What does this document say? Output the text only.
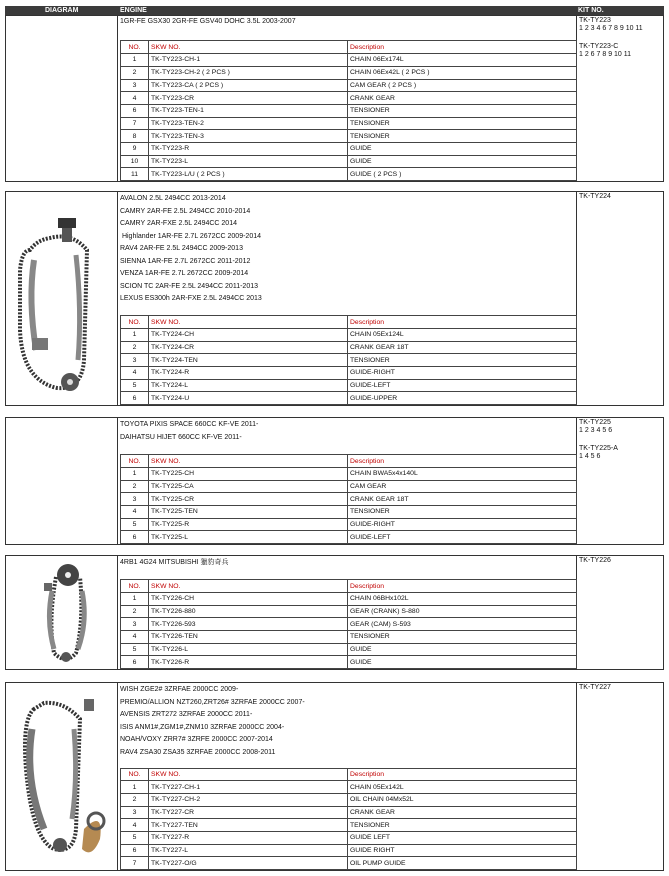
DIAGRAM	ENGINE	KIT NO.
1GR-FE GSX30 2GR-FE GSV40 DOHC 3.5L 2003-2007
NO.	SKW NO.	Description
1	TK-TY223-CH-1	CHAIN 06Ex174L
2	TK-TY223-CH-2 ( 2 PCS )	CHAIN 06Ex42L ( 2 PCS )
3	TK-TY223-CA ( 2 PCS )	CAM GEAR ( 2 PCS )
4	TK-TY223-CR	CRANK GEAR
6	TK-TY223-TEN-1	TENSIONER
7	TK-TY223-TEN-2	TENSIONER
8	TK-TY223-TEN-3	TENSIONER
9	TK-TY223-R	GUIDE
10	TK-TY223-L	GUIDE
11	TK-TY223-L/U ( 2 PCS )	GUIDE ( 2 PCS )
TK-TY223
1 2 3 4 6 7 8 9 10 11
TK-TY223-C
1 2 6 7 8 9 10 11
AVALON 2.5L 2494CC 2013-2014
CAMRY 2AR-FE 2.5L 2494CC 2010-2014
CAMRY 2AR-FXE 2.5L 2494CC 2014
Highlander 1AR-FE 2.7L 2672CC 2009-2014
RAV4 2AR-FE 2.5L 2494CC 2009-2013
SIENNA 1AR-FE 2.7L 2672CC 2011-2012
VENZA 1AR-FE 2.7L 2672CC 2009-2014
SCION TC 2AR-FE 2.5L 2494CC 2011-2013
LEXUS ES300h 2AR-FXE 2.5L 2494CC 2013
NO.	SKW NO.	Description
1	TK-TY224-CH	CHAIN 05Ex124L
2	TK-TY224-CR	CRANK GEAR 18T
3	TK-TY224-TEN	TENSIONER
4	TK-TY224-R	GUIDE-RIGHT
5	TK-TY224-L	GUIDE-LEFT
6	TK-TY224-U	GUIDE-UPPER
TK-TY224
TOYOTA PIXIS SPACE 660CC KF-VE 2011-
DAIHATSU HIJET 660CC KF-VE 2011-
NO.	SKW NO.	Description
1	TK-TY225-CH	CHAIN BWA5x4x140L
2	TK-TY225-CA	CAM GEAR
3	TK-TY225-CR	CRANK GEAR 18T
4	TK-TY225-TEN	TENSIONER
5	TK-TY225-R	GUIDE-RIGHT
6	TK-TY225-L	GUIDE-LEFT
TK-TY225
1 2 3 4 5 6
TK-TY225-A
1 4 5 6
4RB1 4G24 MITSUBISHI 獵豹奇兵
NO.	SKW NO.	Description
1	TK-TY226-CH	CHAIN 06BHx102L
2	TK-TY226-880	GEAR (CRANK) S-880
3	TK-TY226-593	GEAR (CAM) S-593
4	TK-TY226-TEN	TENSIONER
5	TK-TY226-L	GUIDE
6	TK-TY226-R	GUIDE
TK-TY226
WISH ZGE2# 3ZRFAE 2000CC 2009-
PREMIO/ALLION NZT260,ZRT26# 3ZRFAE 2000CC 2007-
AVENSIS ZRT272 3ZRFAE 2000CC 2011-
ISIS ANM1#,ZGM1#,ZNM10 3ZRFAE 2000CC 2004-
NOAH/VOXY ZRR7# 3ZRFE 2000CC 2007-2014
RAV4 ZSA30 ZSA35 3ZRFAE 2000CC 2008-2011
NO.	SKW NO.	Description
1	TK-TY227-CH-1	CHAIN 05Ex142L
2	TK-TY227-CH-2	OIL CHAIN 04Mx52L
3	TK-TY227-CR	CRANK GEAR
4	TK-TY227-TEN	TENSIONER
5	TK-TY227-R	GUIDE LEFT
6	TK-TY227-L	GUIDE RIGHT
7	TK-TY227-O/G	OIL PUMP GUIDE
TK-TY227
